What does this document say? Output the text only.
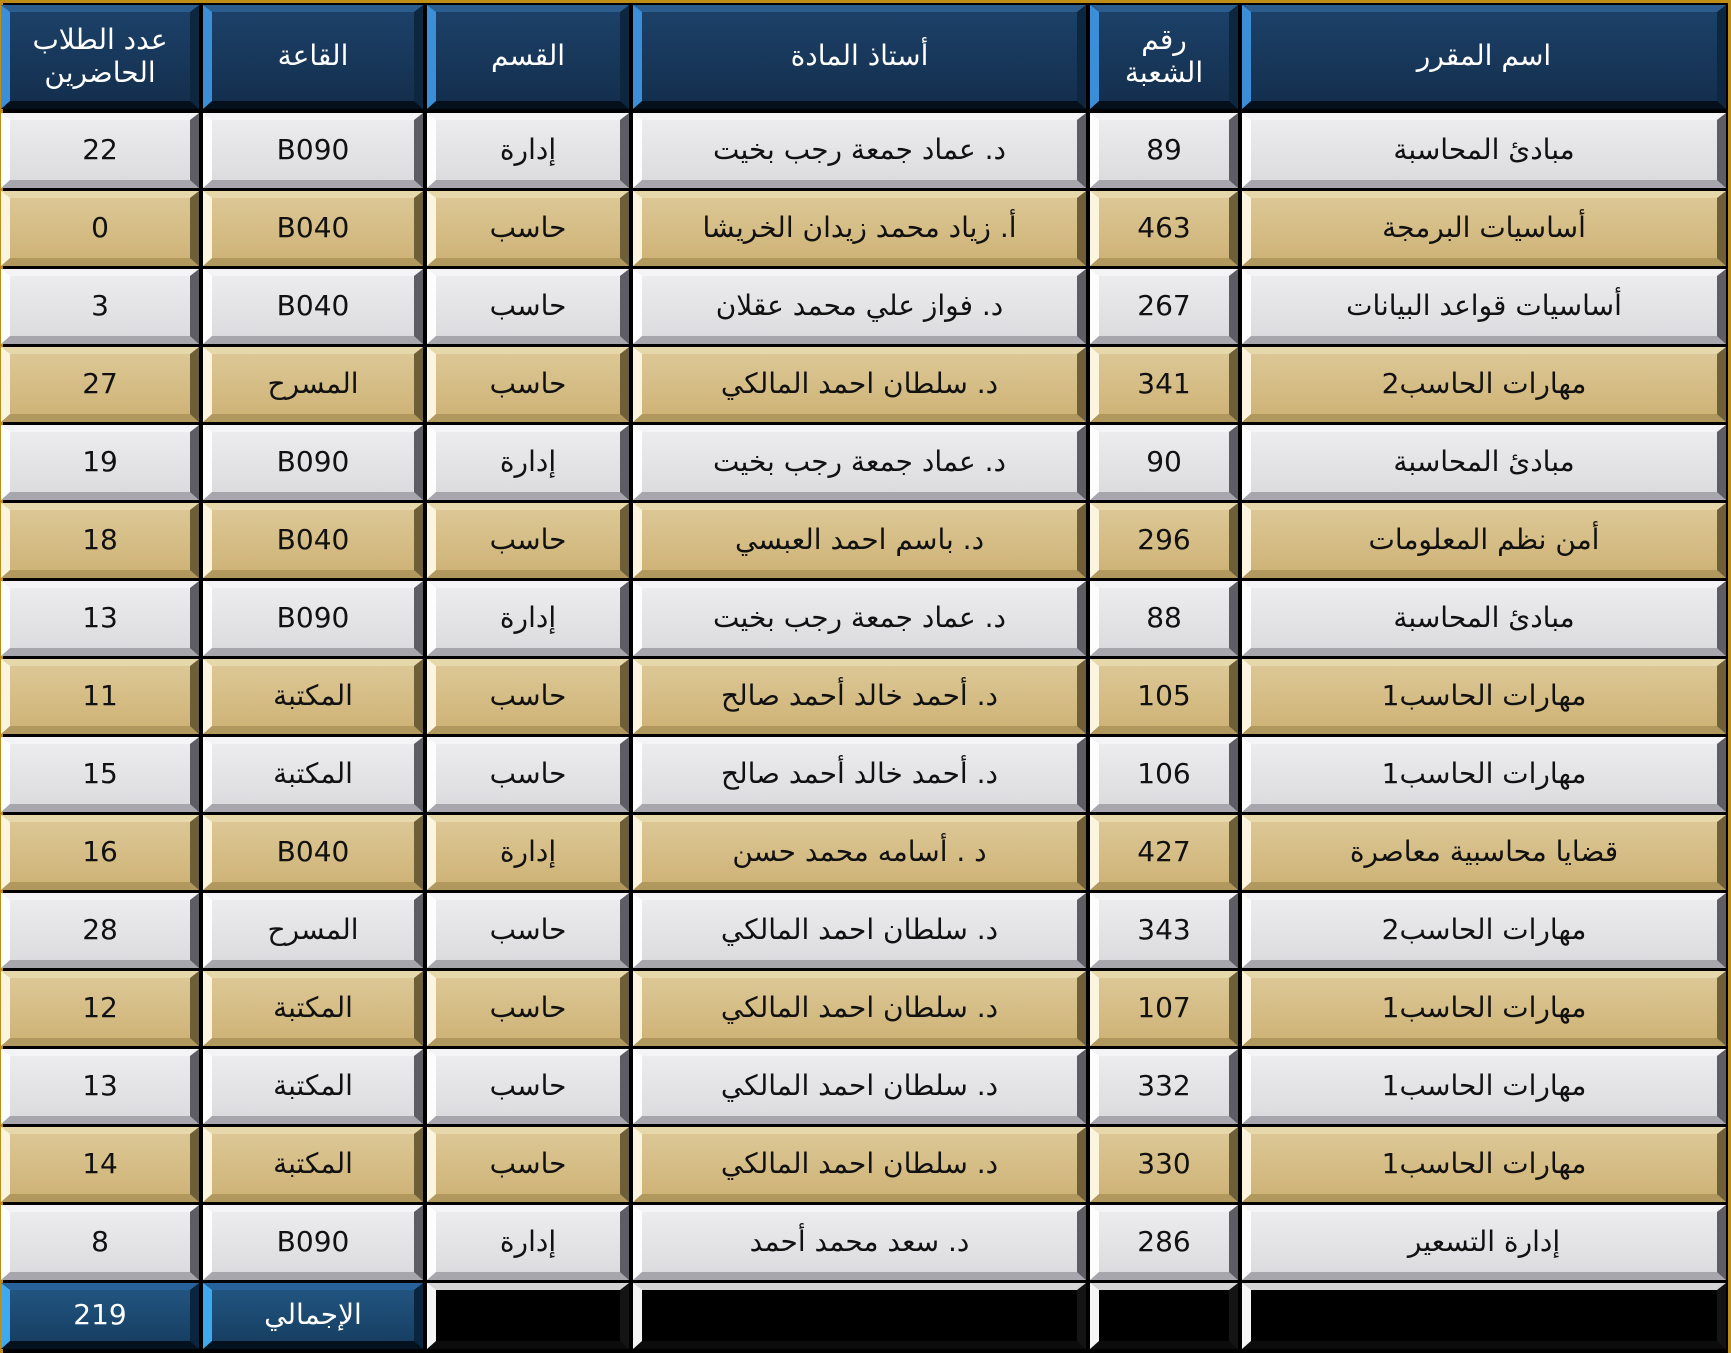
اسم المقرر
رقم الشعبة
أستاذ المادة
القسم
القاعة
عدد الطلاب الحاضرين
مبادئ المحاسبة
89
د. عماد جمعة رجب بخيت
إدارة
B090
22
أساسيات البرمجة
463
أ. زياد محمد زيدان الخريشا
حاسب
B040
0
أساسيات قواعد البيانات
267
د. فواز علي محمد عقلان
حاسب
B040
3
مهارات الحاسب2
341
د. سلطان احمد المالكي
حاسب
المسرح
27
مبادئ المحاسبة
90
د. عماد جمعة رجب بخيت
إدارة
B090
19
أمن نظم المعلومات
296
د. باسم احمد العبسي
حاسب
B040
18
مبادئ المحاسبة
88
د. عماد جمعة رجب بخيت
إدارة
B090
13
مهارات الحاسب1
105
د. أحمد خالد أحمد صالح
حاسب
المكتبة
11
مهارات الحاسب1
106
د. أحمد خالد أحمد صالح
حاسب
المكتبة
15
قضايا محاسبية معاصرة
427
د . أسامه محمد حسن
إدارة
B040
16
مهارات الحاسب2
343
د. سلطان احمد المالكي
حاسب
المسرح
28
مهارات الحاسب1
107
د. سلطان احمد المالكي
حاسب
المكتبة
12
مهارات الحاسب1
332
د. سلطان احمد المالكي
حاسب
المكتبة
13
مهارات الحاسب1
330
د. سلطان احمد المالكي
حاسب
المكتبة
14
إدارة التسعير
286
د. سعد محمد أحمد
إدارة
B090
8
الإجمالي
219
